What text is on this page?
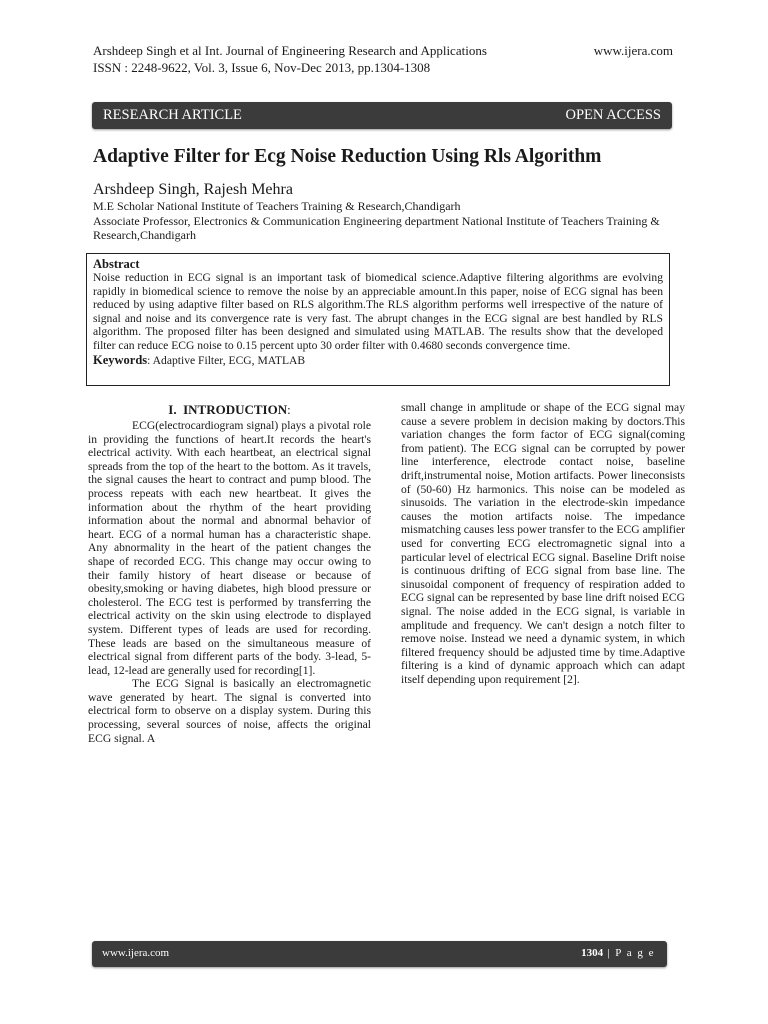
Arshdeep Singh et al Int. Journal of Engineering Research and Applications
ISSN : 2248-9622, Vol. 3, Issue 6, Nov-Dec 2013, pp.1304-1308
www.ijera.com
RESEARCH ARTICLE	OPEN ACCESS
Adaptive Filter for Ecg Noise Reduction Using Rls Algorithm
Arshdeep Singh, Rajesh Mehra
M.E Scholar National Institute of Teachers Training & Research,Chandigarh
Associate Professor, Electronics & Communication Engineering department National Institute of Teachers Training & Research,Chandigarh
Abstract

Noise reduction in ECG signal is an important task of biomedical science.Adaptive filtering algorithms are evolving rapidly in biomedical science to remove the noise by an appreciable amount.In this paper, noise of ECG signal has been reduced by using adaptive filter based on RLS algorithm.The RLS algorithm performs well irrespective of the nature of signal and noise and its convergence rate is very fast. The abrupt changes in the ECG signal are best handled by RLS algorithm. The proposed filter has been designed and simulated using MATLAB. The results show that the developed filter can reduce ECG noise to 0.15 percent upto 30 order filter with 0.4680 seconds convergence time.

Keywords: Adaptive Filter, ECG, MATLAB

I. INTRODUCTION:

ECG(electrocardiogram signal) plays a pivotal role in providing the functions of heart.It records the heart's electrical activity. With each heartbeat, an electrical signal spreads from the top of the heart to the bottom. As it travels, the signal causes the heart to contract and pump blood. The process repeats with each new heartbeat. It gives the information about the rhythm of the heart providing information about the normal and abnormal behavior of heart. ECG of a normal human has a characteristic shape. Any abnormality in the heart of the patient changes the shape of recorded ECG. This change may occur owing to their family history of heart disease or because of obesity,smoking or having diabetes, high blood pressure or cholesterol. The ECG test is performed by transferring the electrical activity on the skin using electrode to displayed system. Different types of leads are used for recording. These leads are based on the simultaneous measure of electrical signal from different parts of the body. 3-lead, 5-lead, 12-lead are generally used for recording[1].

The ECG Signal is basically an electromagnetic wave generated by heart. The signal is converted into electrical form to observe on a display system. During this processing, several sources of noise, affects the original ECG signal. A

small change in amplitude or shape of the ECG signal may cause a severe problem in decision making by doctors.This variation changes the form factor of ECG signal(coming from patient). The ECG signal can be corrupted by power line interference, electrode contact noise, baseline drift,instrumental noise, Motion artifacts. Power lineconsists of (50-60) Hz harmonics. This noise can be modeled as sinusoids. The variation in the electrode-skin impedance causes the motion artifacts noise. The impedance mismatching causes less power transfer to the ECG amplifier used for converting ECG electromagnetic signal into a particular level of electrical ECG signal. Baseline Drift noise is continuous drifting of ECG signal from base line. The sinusoidal component of frequency of respiration added to ECG signal can be represented by base line drift noised ECG signal. The noise added in the ECG signal, is variable in amplitude and frequency. We can't design a notch filter to remove noise. Instead we need a dynamic system, in which filtered frequency should be adjusted time by time.Adaptive filtering is a kind of dynamic approach which can adapt itself depending upon requirement [2].

www.ijera.com	1304 | P a g e
